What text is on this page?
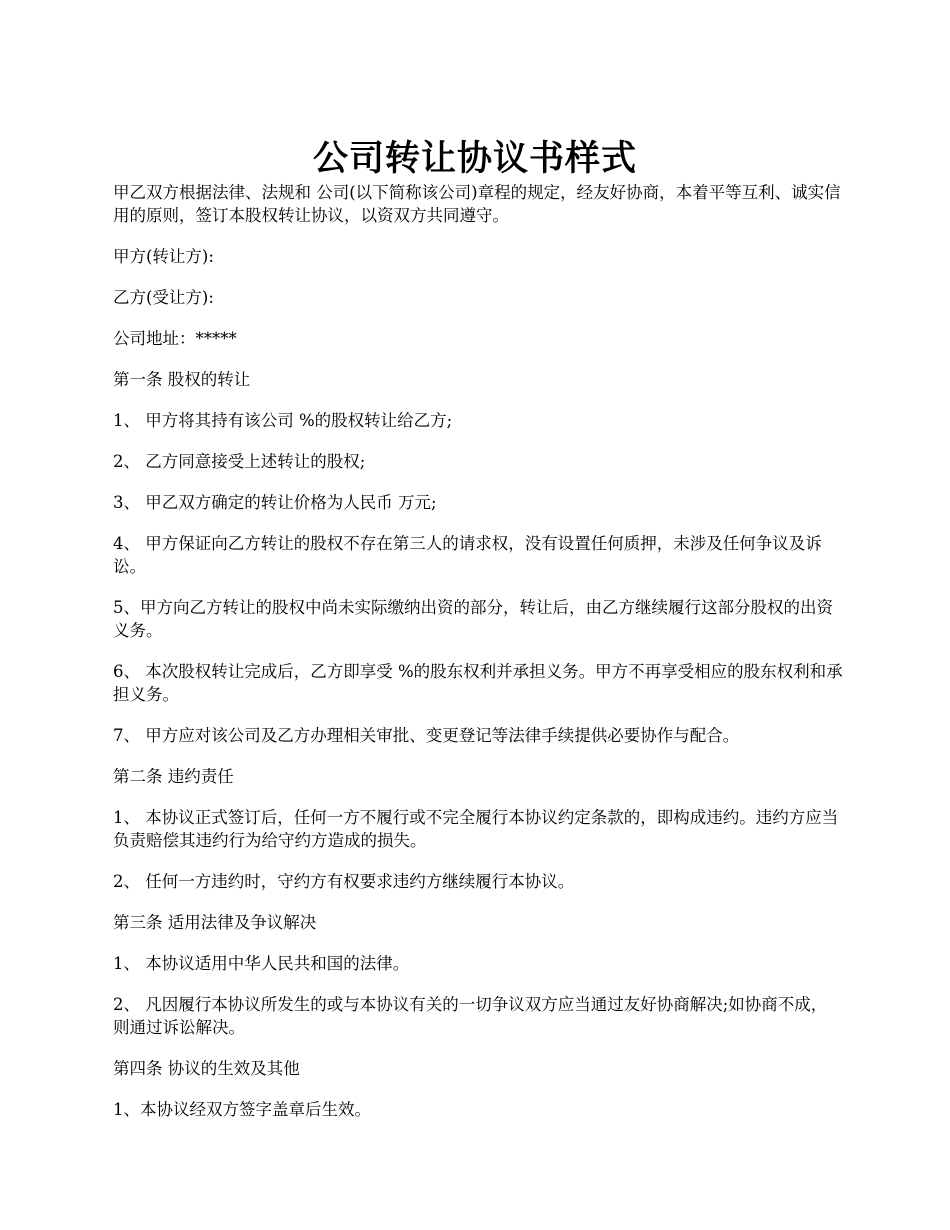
公司转让协议书样式

甲乙双方根据法律、法规和 公司(以下简称该公司)章程的规定，经友好协商，本着平等互利、诚实信用的原则，签订本股权转让协议，以资双方共同遵守。

甲方(转让方):

乙方(受让方):

公司地址：*****

第一条 股权的转让

1、 甲方将其持有该公司 %的股权转让给乙方;

2、 乙方同意接受上述转让的股权;

3、 甲乙双方确定的转让价格为人民币 万元;

4、 甲方保证向乙方转让的股权不存在第三人的请求权，没有设置任何质押，未涉及任何争议及诉讼。

5、甲方向乙方转让的股权中尚未实际缴纳出资的部分，转让后，由乙方继续履行这部分股权的出资义务。

6、 本次股权转让完成后，乙方即享受 %的股东权利并承担义务。甲方不再享受相应的股东权利和承担义务。

7、 甲方应对该公司及乙方办理相关审批、变更登记等法律手续提供必要协作与配合。

第二条 违约责任

1、 本协议正式签订后，任何一方不履行或不完全履行本协议约定条款的，即构成违约。违约方应当负责赔偿其违约行为给守约方造成的损失。

2、 任何一方违约时，守约方有权要求违约方继续履行本协议。

第三条 适用法律及争议解决

1、 本协议适用中华人民共和国的法律。

2、 凡因履行本协议所发生的或与本协议有关的一切争议双方应当通过友好协商解决;如协商不成，则通过诉讼解决。

第四条 协议的生效及其他

1、本协议经双方签字盖章后生效。
